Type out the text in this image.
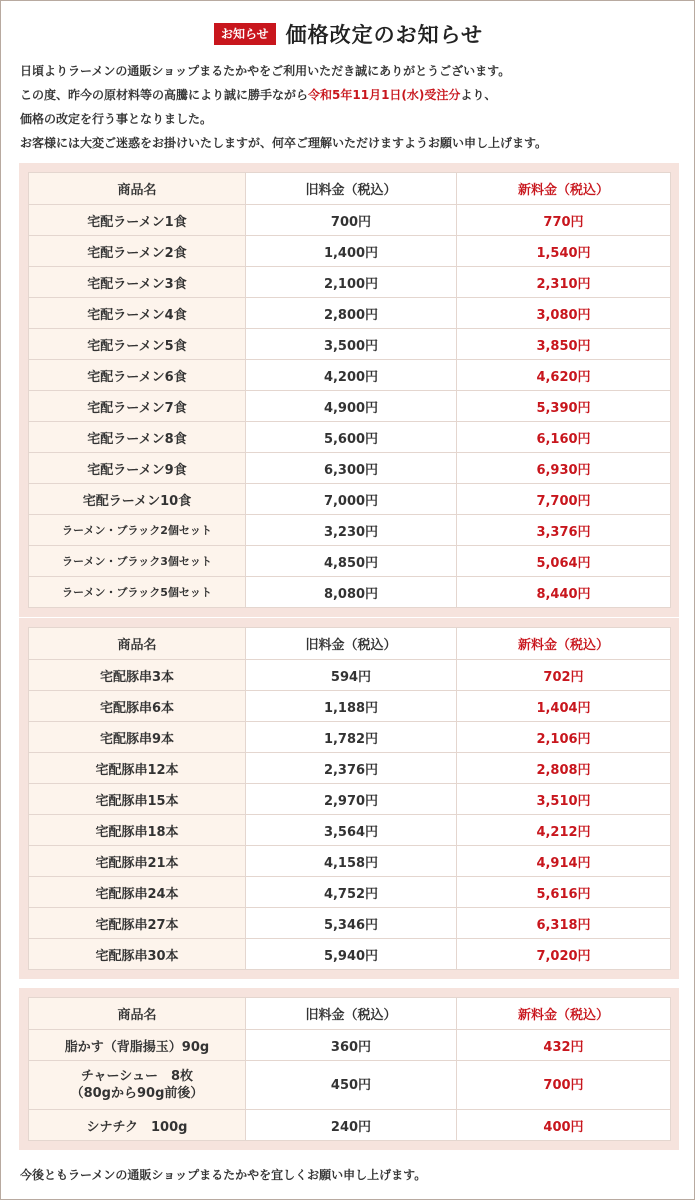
お知らせ 価格改定のお知らせ

日頃よりラーメンの通販ショップまるたかやをご利用いただき誠にありがとうございます。

この度、昨今の原材料等の高騰により誠に勝手ながら令和5年11月1日(水)受注分より、

価格の改定を行う事となりました。

お客様には大変ご迷惑をお掛けいたしますが、何卒ご理解いただけますようお願い申し上げます。

商品名	旧料金（税込）	新料金（税込）
宅配ラーメン1食	700円	770円
宅配ラーメン2食	1,400円	1,540円
宅配ラーメン3食	2,100円	2,310円
宅配ラーメン4食	2,800円	3,080円
宅配ラーメン5食	3,500円	3,850円
宅配ラーメン6食	4,200円	4,620円
宅配ラーメン7食	4,900円	5,390円
宅配ラーメン8食	5,600円	6,160円
宅配ラーメン9食	6,300円	6,930円
宅配ラーメン10食	7,000円	7,700円
ラーメン・ブラック2個セット	3,230円	3,376円
ラーメン・ブラック3個セット	4,850円	5,064円
ラーメン・ブラック5個セット	8,080円	8,440円
商品名	旧料金（税込）	新料金（税込）
宅配豚串3本	594円	702円
宅配豚串6本	1,188円	1,404円
宅配豚串9本	1,782円	2,106円
宅配豚串12本	2,376円	2,808円
宅配豚串15本	2,970円	3,510円
宅配豚串18本	3,564円	4,212円
宅配豚串21本	4,158円	4,914円
宅配豚串24本	4,752円	5,616円
宅配豚串27本	5,346円	6,318円
宅配豚串30本	5,940円	7,020円
商品名	旧料金（税込）	新料金（税込）
脂かす（背脂揚玉）90g	360円	432円
チャーシュー　8枚
（80gから90g前後）	450円	700円
シナチク　100g	240円	400円
今後ともラーメンの通販ショップまるたかやを宜しくお願い申し上げます。
